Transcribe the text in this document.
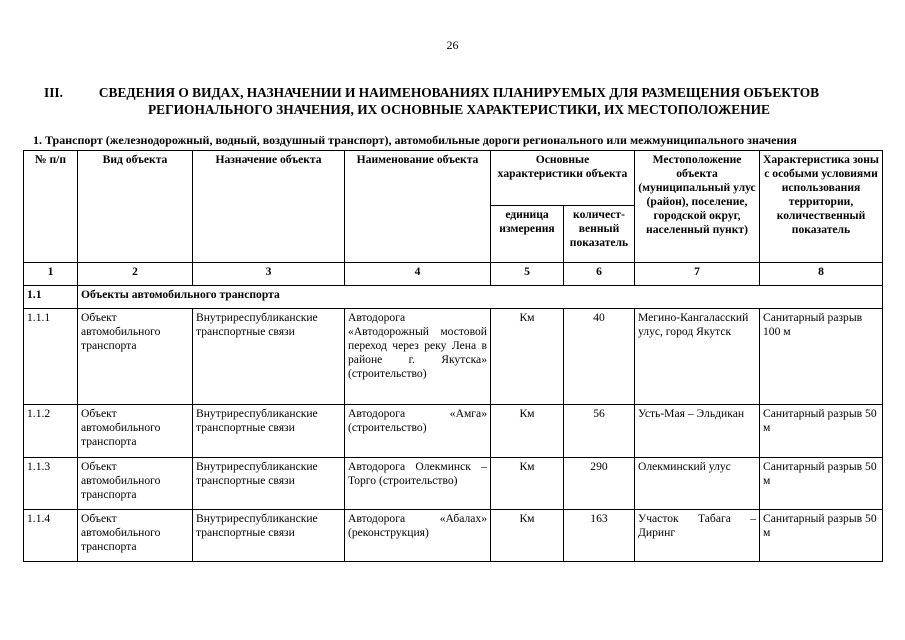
26
III.	СВЕДЕНИЯ О ВИДАХ, НАЗНАЧЕНИИ И НАИМЕНОВАНИЯХ ПЛАНИРУЕМЫХ ДЛЯ РАЗМЕЩЕНИЯ ОБЪЕКТОВ РЕГИОНАЛЬНОГО ЗНАЧЕНИЯ, ИХ ОСНОВНЫЕ ХАРАКТЕРИСТИКИ, ИХ МЕСТОПОЛОЖЕНИЕ
1. Транспорт (железнодорожный, водный, воздушный транспорт), автомобильные дороги регионального или межмуниципального значения
№ п/п	Вид объекта	Назначение объекта	Наименование объекта	Основные характеристики объекта		Местоположение объекта (муниципальный улус (район), поселение, городской округ, населенный пункт)	Характеристика зоны с особыми условиями использования территории, количественный показатель
				единица измерения	количест-венный показатель		
1	2	3	4	5	6	7	8
1.1	Объекты автомобильного транспорта						
1.1.1	Объект автомобильного транспорта	Внутриреспубликанские транспортные связи	Автодорога «Автодорожный мостовой переход через реку Лена в районе г. Якутска» (строительство)	Км	40	Мегино-Кангаласский улус, город Якутск	Санитарный разрыв 100 м
1.1.2	Объект автомобильного транспорта	Внутриреспубликанские транспортные связи	Автодорога «Амга» (строительство)	Км	56	Усть-Мая – Эльдикан	Санитарный разрыв 50 м
1.1.3	Объект автомобильного транспорта	Внутриреспубликанские транспортные связи	Автодорога Олекминск – Торго (строительство)	Км	290	Олекминский улус	Санитарный разрыв 50 м
1.1.4	Объект автомобильного транспорта	Внутриреспубликанские транспортные связи	Автодорога «Абалах» (реконструкция)	Км	163	Участок Табага – Диринг	Санитарный разрыв 50 м
